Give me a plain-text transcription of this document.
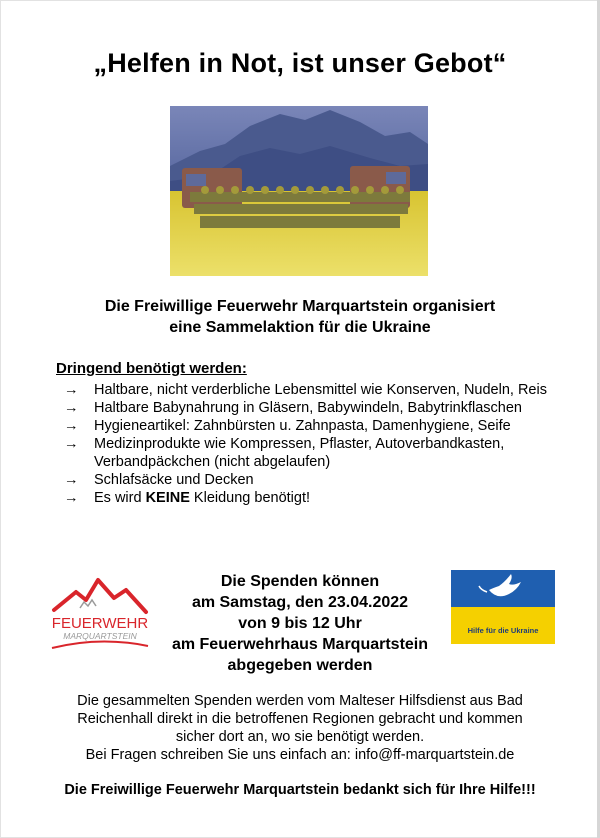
„Helfen in Not, ist unser Gebot“
Die Freiwillige Feuerwehr Marquartstein organisiert
eine Sammelaktion für die Ukraine
Dringend benötigt werden:
→ Haltbare, nicht verderbliche Lebensmittel wie Konserven, Nudeln, Reis
→ Haltbare Babynahrung in Gläsern, Babywindeln, Babytrinkflaschen
→ Hygieneartikel: Zahnbürsten u. Zahnpasta, Damenhygiene, Seife
→ Medizinprodukte wie Kompressen, Pflaster, Autoverbandkasten, Verbandpäckchen (nicht abgelaufen)
→ Schlafsäcke und Decken
→ Es wird KEINE Kleidung benötigt!
FEUERWEHR
MARQUARTSTEIN
Die Spenden können
am Samstag, den 23.04.2022
von 9 bis 12 Uhr
am Feuerwehrhaus Marquartstein
abgegeben werden
Hilfe für die Ukraine
Die gesammelten Spenden werden vom Malteser Hilfsdienst aus Bad
Reichenhall direkt in die betroffenen Regionen gebracht und kommen
sicher dort an, wo sie benötigt werden.
Bei Fragen schreiben Sie uns einfach an: info@ff-marquartstein.de
Die Freiwillige Feuerwehr Marquartstein bedankt sich für Ihre Hilfe!!!
